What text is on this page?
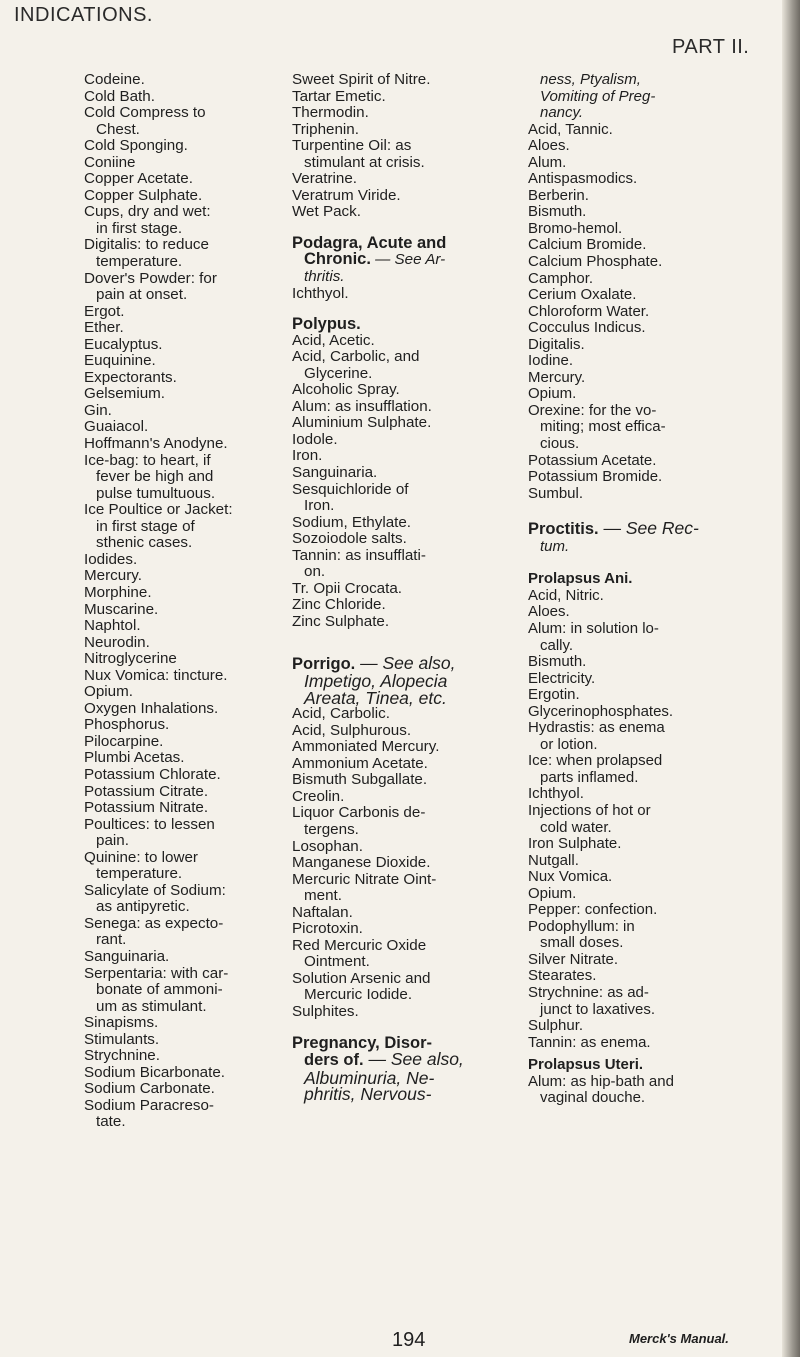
INDICATIONS.
PART II.
Codeine.
Cold Bath.
Cold Compress to
Chest.
Cold Sponging.
Coniine
Copper Acetate.
Copper Sulphate.
Cups, dry and wet:
in first stage.
Digitalis: to reduce
temperature.
Dover's Powder: for
pain at onset.
Ergot.
Ether.
Eucalyptus.
Euquinine.
Expectorants.
Gelsemium.
Gin.
Guaiacol.
Hoffmann's Anodyne.
Ice-bag: to heart, if
fever be high and
pulse tumultuous.
Ice Poultice or Jacket:
in first stage of
sthenic cases.
Iodides.
Mercury.
Morphine.
Muscarine.
Naphtol.
Neurodin.
Nitroglycerine
Nux Vomica: tincture.
Opium.
Oxygen Inhalations.
Phosphorus.
Pilocarpine.
Plumbi Acetas.
Potassium Chlorate.
Potassium Citrate.
Potassium Nitrate.
Poultices: to lessen
pain.
Quinine: to lower
temperature.
Salicylate of Sodium:
as antipyretic.
Senega: as expecto-
rant.
Sanguinaria.
Serpentaria: with car-
bonate of ammoni-
um as stimulant.
Sinapisms.
Stimulants.
Strychnine.
Sodium Bicarbonate.
Sodium Carbonate.
Sodium Paracreso-
tate.
Sweet Spirit of Nitre.
Tartar Emetic.
Thermodin.
Triphenin.
Turpentine Oil: as
stimulant at crisis.
Veratrine.
Veratrum Viride.
Wet Pack.
Podagra, Acute and
Chronic. — See Ar-
thritis.
Ichthyol.
Polypus.
Acid, Acetic.
Acid, Carbolic, and
Glycerine.
Alcoholic Spray.
Alum: as insufflation.
Aluminium Sulphate.
Iodole.
Iron.
Sanguinaria.
Sesquichloride of
Iron.
Sodium, Ethylate.
Sozoiodole salts.
Tannin: as insufflati-
on.
Tr. Opii Crocata.
Zinc Chloride.
Zinc Sulphate.
Porrigo. — See also,
Impetigo, Alopecia
Areata, Tinea, etc.
Acid, Carbolic.
Acid, Sulphurous.
Ammoniated Mercury.
Ammonium Acetate.
Bismuth Subgallate.
Creolin.
Liquor Carbonis de-
tergens.
Losophan.
Manganese Dioxide.
Mercuric Nitrate Oint-
ment.
Naftalan.
Picrotoxin.
Red Mercuric Oxide
Ointment.
Solution Arsenic and
Mercuric Iodide.
Sulphites.
Pregnancy, Disor-
ders of. — See also,
Albuminuria, Ne-
phritis, Nervous-
ness, Ptyalism,
Vomiting of Preg-
nancy.
Acid, Tannic.
Aloes.
Alum.
Antispasmodics.
Berberin.
Bismuth.
Bromo-hemol.
Calcium Bromide.
Calcium Phosphate.
Camphor.
Cerium Oxalate.
Chloroform Water.
Cocculus Indicus.
Digitalis.
Iodine.
Mercury.
Opium.
Orexine: for the vo-
miting; most effica-
cious.
Potassium Acetate.
Potassium Bromide.
Sumbul.
Proctitis. — See Rec-
tum.
Prolapsus Ani.
Acid, Nitric.
Aloes.
Alum: in solution lo-
cally.
Bismuth.
Electricity.
Ergotin.
Glycerinophosphates.
Hydrastis: as enema
or lotion.
Ice: when prolapsed
parts inflamed.
Ichthyol.
Injections of hot or
cold water.
Iron Sulphate.
Nutgall.
Nux Vomica.
Opium.
Pepper: confection.
Podophyllum: in
small doses.
Silver Nitrate.
Stearates.
Strychnine: as ad-
junct to laxatives.
Sulphur.
Tannin: as enema.
Prolapsus Uteri.
Alum: as hip-bath and
vaginal douche.
194	Merck's Manual.
